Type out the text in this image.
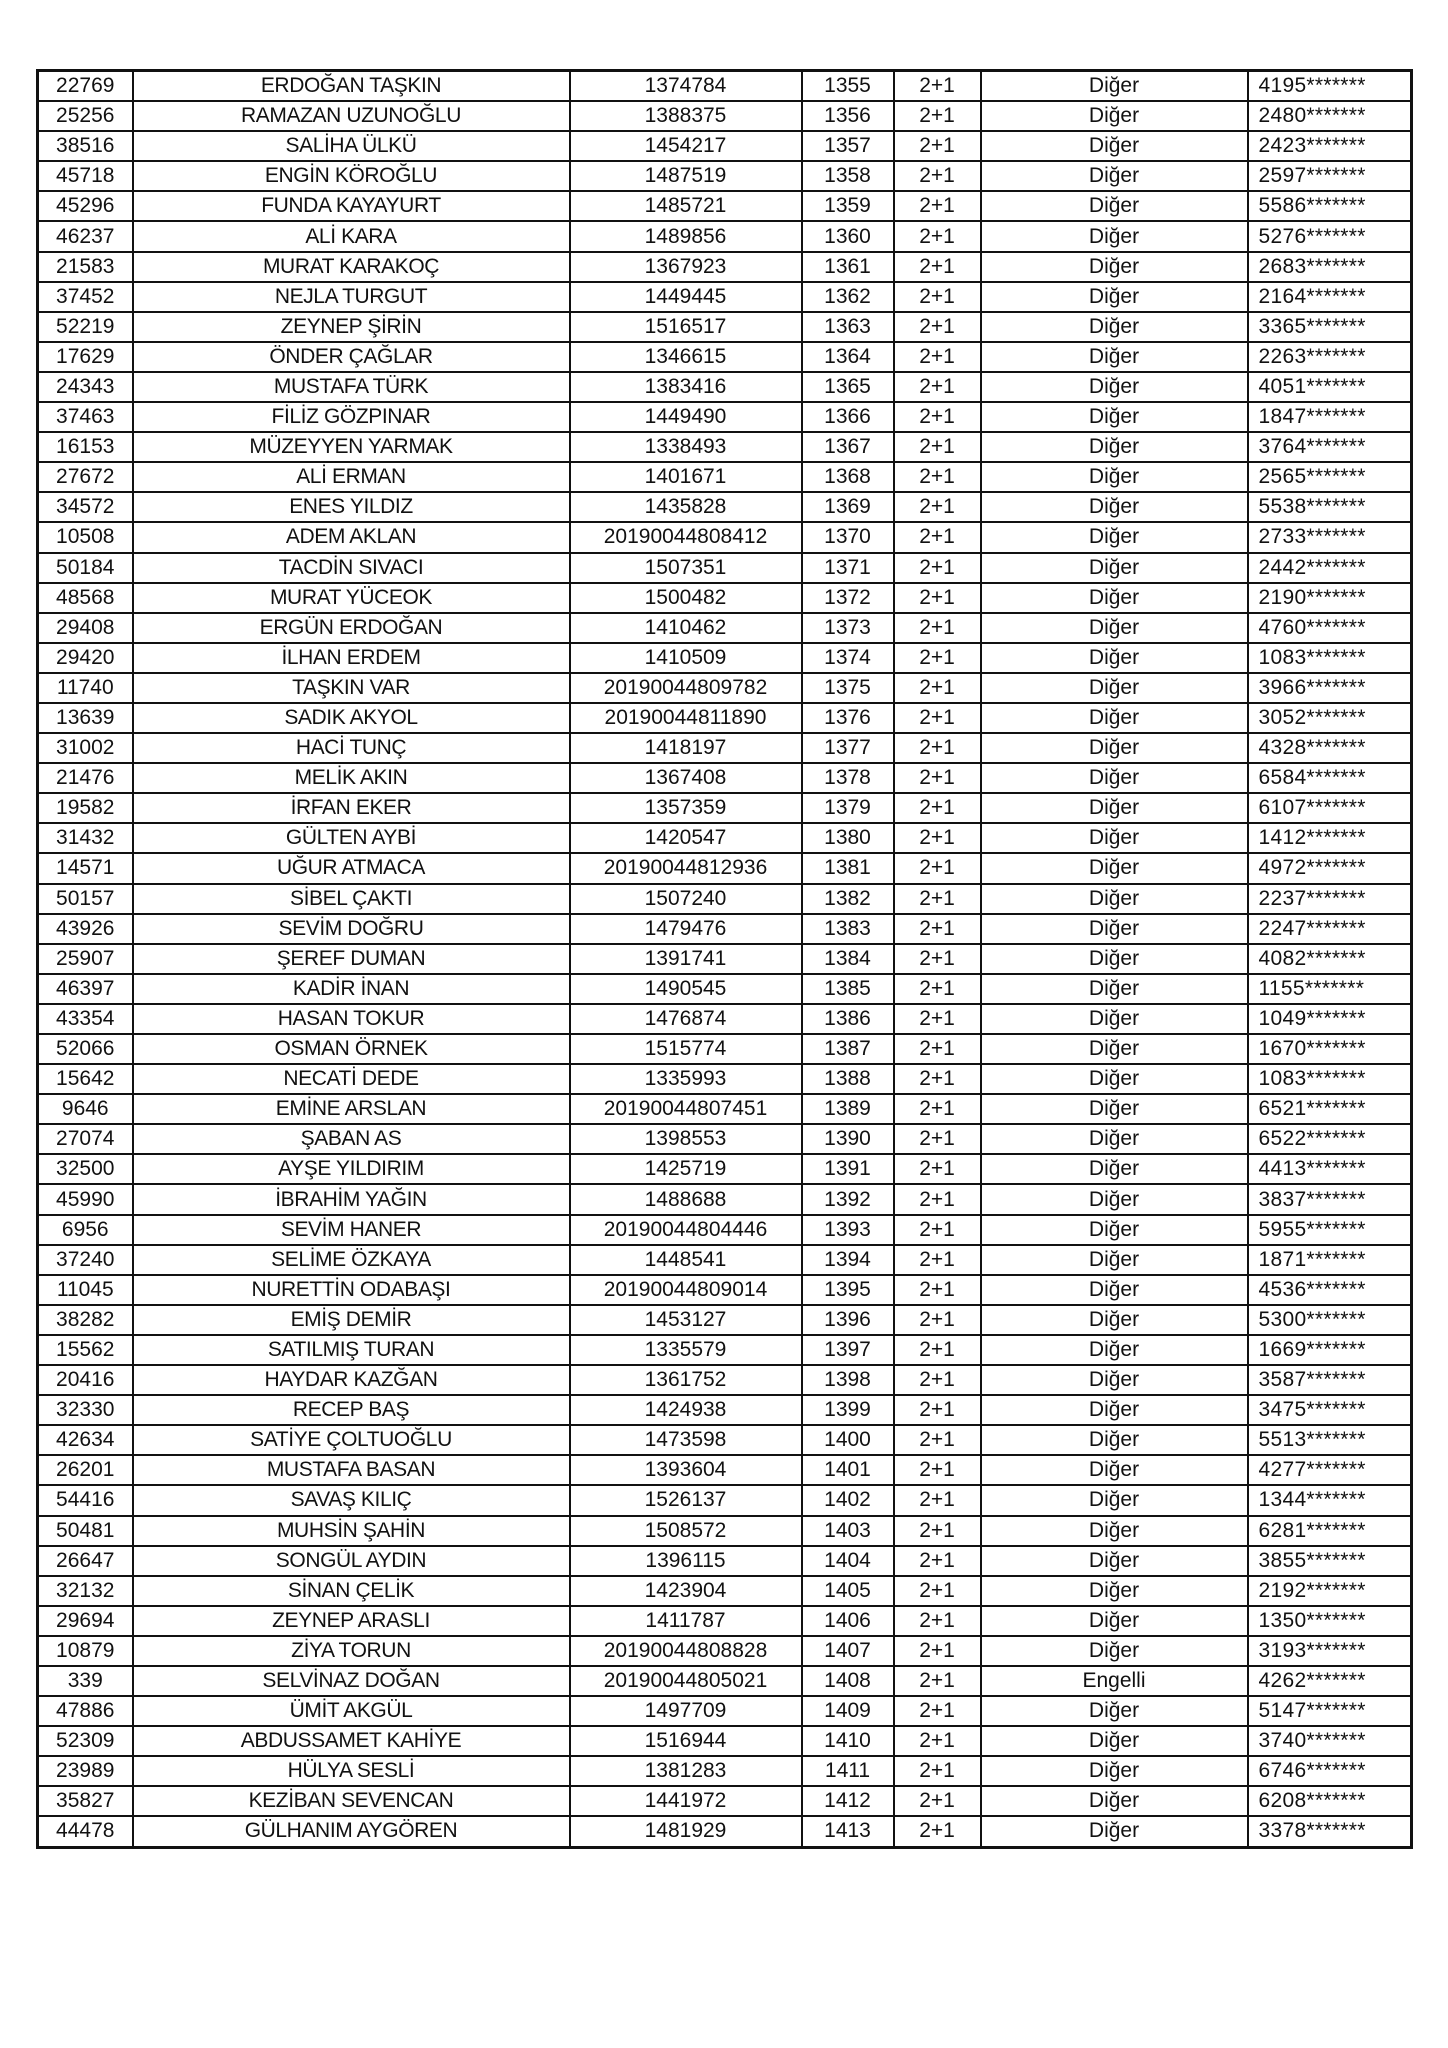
22769	ERDOĞAN TAŞKIN	1374784	1355	2+1	Diğer	4195*******
25256	RAMAZAN UZUNOĞLU	1388375	1356	2+1	Diğer	2480*******
38516	SALİHA ÜLKÜ	1454217	1357	2+1	Diğer	2423*******
45718	ENGİN KÖROĞLU	1487519	1358	2+1	Diğer	2597*******
45296	FUNDA KAYAYURT	1485721	1359	2+1	Diğer	5586*******
46237	ALİ KARA	1489856	1360	2+1	Diğer	5276*******
21583	MURAT KARAKOÇ	1367923	1361	2+1	Diğer	2683*******
37452	NEJLA TURGUT	1449445	1362	2+1	Diğer	2164*******
52219	ZEYNEP ŞİRİN	1516517	1363	2+1	Diğer	3365*******
17629	ÖNDER ÇAĞLAR	1346615	1364	2+1	Diğer	2263*******
24343	MUSTAFA TÜRK	1383416	1365	2+1	Diğer	4051*******
37463	FİLİZ GÖZPINAR	1449490	1366	2+1	Diğer	1847*******
16153	MÜZEYYEN YARMAK	1338493	1367	2+1	Diğer	3764*******
27672	ALİ ERMAN	1401671	1368	2+1	Diğer	2565*******
34572	ENES YILDIZ	1435828	1369	2+1	Diğer	5538*******
10508	ADEM AKLAN	20190044808412	1370	2+1	Diğer	2733*******
50184	TACDİN SIVACI	1507351	1371	2+1	Diğer	2442*******
48568	MURAT YÜCEOK	1500482	1372	2+1	Diğer	2190*******
29408	ERGÜN ERDOĞAN	1410462	1373	2+1	Diğer	4760*******
29420	İLHAN ERDEM	1410509	1374	2+1	Diğer	1083*******
11740	TAŞKIN VAR	20190044809782	1375	2+1	Diğer	3966*******
13639	SADIK AKYOL	20190044811890	1376	2+1	Diğer	3052*******
31002	HACİ TUNÇ	1418197	1377	2+1	Diğer	4328*******
21476	MELİK AKIN	1367408	1378	2+1	Diğer	6584*******
19582	İRFAN EKER	1357359	1379	2+1	Diğer	6107*******
31432	GÜLTEN AYBİ	1420547	1380	2+1	Diğer	1412*******
14571	UĞUR ATMACA	20190044812936	1381	2+1	Diğer	4972*******
50157	SİBEL ÇAKTI	1507240	1382	2+1	Diğer	2237*******
43926	SEVİM DOĞRU	1479476	1383	2+1	Diğer	2247*******
25907	ŞEREF DUMAN	1391741	1384	2+1	Diğer	4082*******
46397	KADİR İNAN	1490545	1385	2+1	Diğer	1155*******
43354	HASAN TOKUR	1476874	1386	2+1	Diğer	1049*******
52066	OSMAN ÖRNEK	1515774	1387	2+1	Diğer	1670*******
15642	NECATİ DEDE	1335993	1388	2+1	Diğer	1083*******
9646	EMİNE ARSLAN	20190044807451	1389	2+1	Diğer	6521*******
27074	ŞABAN AS	1398553	1390	2+1	Diğer	6522*******
32500	AYŞE YILDIRIM	1425719	1391	2+1	Diğer	4413*******
45990	İBRAHİM YAĞIN	1488688	1392	2+1	Diğer	3837*******
6956	SEVİM HANER	20190044804446	1393	2+1	Diğer	5955*******
37240	SELİME ÖZKAYA	1448541	1394	2+1	Diğer	1871*******
11045	NURETTİN ODABAŞI	20190044809014	1395	2+1	Diğer	4536*******
38282	EMİŞ DEMİR	1453127	1396	2+1	Diğer	5300*******
15562	SATILMIŞ TURAN	1335579	1397	2+1	Diğer	1669*******
20416	HAYDAR KAZĞAN	1361752	1398	2+1	Diğer	3587*******
32330	RECEP BAŞ	1424938	1399	2+1	Diğer	3475*******
42634	SATİYE ÇOLTUOĞLU	1473598	1400	2+1	Diğer	5513*******
26201	MUSTAFA BASAN	1393604	1401	2+1	Diğer	4277*******
54416	SAVAŞ KILIÇ	1526137	1402	2+1	Diğer	1344*******
50481	MUHSİN ŞAHİN	1508572	1403	2+1	Diğer	6281*******
26647	SONGÜL AYDIN	1396115	1404	2+1	Diğer	3855*******
32132	SİNAN ÇELİK	1423904	1405	2+1	Diğer	2192*******
29694	ZEYNEP ARASLI	1411787	1406	2+1	Diğer	1350*******
10879	ZİYA TORUN	20190044808828	1407	2+1	Diğer	3193*******
339	SELVİNAZ DOĞAN	20190044805021	1408	2+1	Engelli	4262*******
47886	ÜMİT AKGÜL	1497709	1409	2+1	Diğer	5147*******
52309	ABDUSSAMET KAHİYE	1516944	1410	2+1	Diğer	3740*******
23989	HÜLYA SESLİ	1381283	1411	2+1	Diğer	6746*******
35827	KEZİBAN SEVENCAN	1441972	1412	2+1	Diğer	6208*******
44478	GÜLHANIM AYGÖREN	1481929	1413	2+1	Diğer	3378*******
